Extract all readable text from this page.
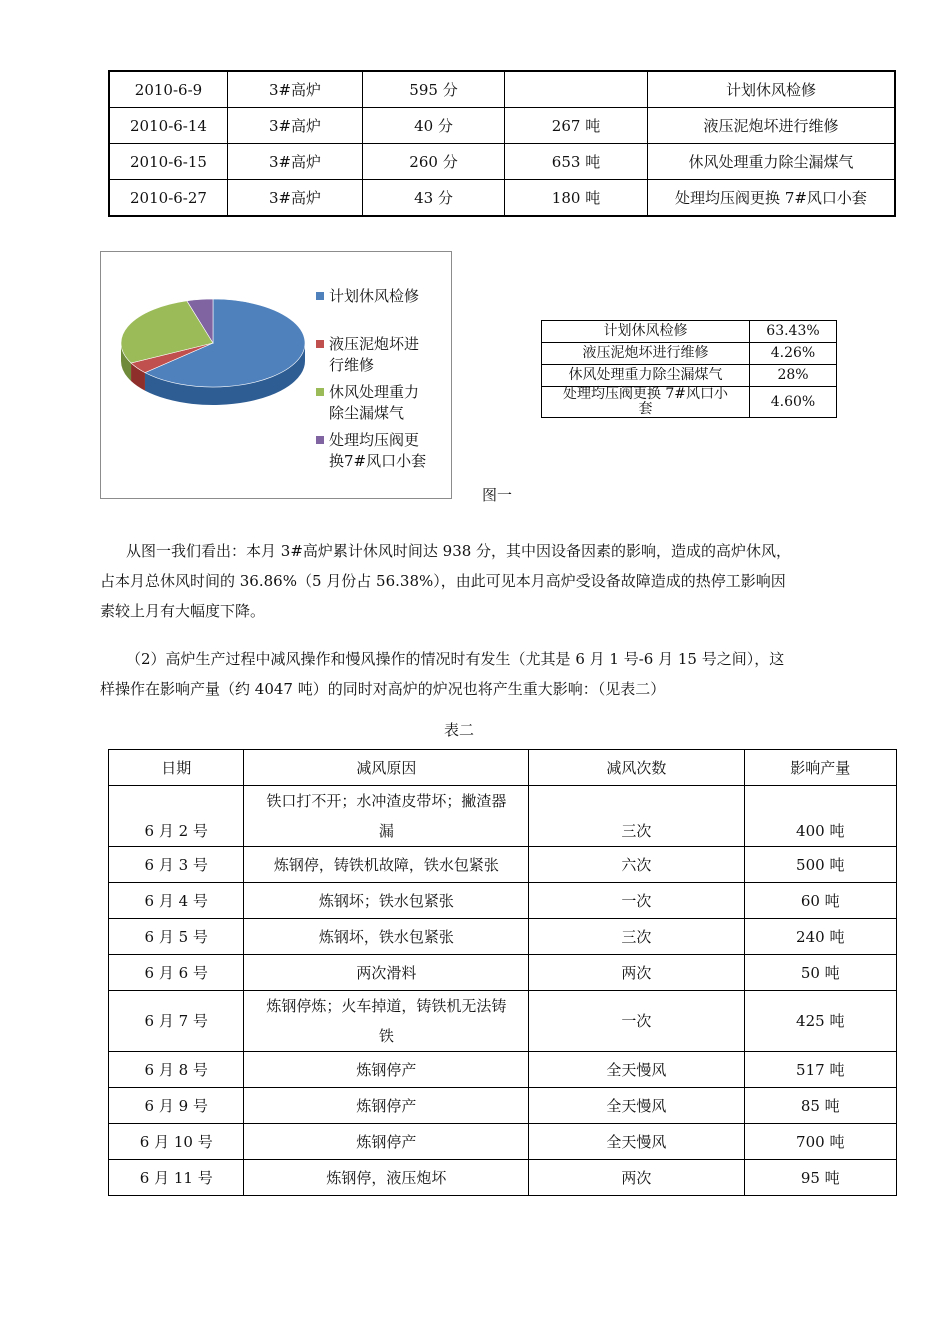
2010-6-9	3#高炉	595 分		计划休风检修
2010-6-14	3#高炉	40 分	267 吨	液压泥炮坏进行维修
2010-6-15	3#高炉	260 分	653 吨	休风处理重力除尘漏煤气
2010-6-27	3#高炉	43 分	180 吨	处理均压阀更换 7#风口小套
计划休风检修
液压泥炮坏进
行维修
休风处理重力
除尘漏煤气
处理均压阀更
换7#风口小套
图一
计划休风检修	63.43%
液压泥炮坏进行维修	4.26%
休风处理重力除尘漏煤气	28%
处理均压阀更换 7#风口小
套	4.60%
从图一我们看出：本月 3#高炉累计休风时间达 938 分，其中因设备因素的影响，造成的高炉休风，
占本月总休风时间的 36.86%（5 月份占 56.38%），由此可见本月高炉受设备故障造成的热停工影响因
素较上月有大幅度下降。
（2）高炉生产过程中减风操作和慢风操作的情况时有发生（尤其是 6 月 1 号-6 月 15 号之间），这
样操作在影响产量（约 4047 吨）的同时对高炉的炉况也将产生重大影响：（见表二）
表二
日期	减风原因	减风次数	影响产量
6 月 2 号	铁口打不开；水冲渣皮带坏；撇渣器
漏	三次	400 吨
6 月 3 号	炼钢停，铸铁机故障，铁水包紧张	六次	500 吨
6 月 4 号	炼钢坏；铁水包紧张	一次	60 吨
6 月 5 号	炼钢坏，铁水包紧张	三次	240 吨
6 月 6 号	两次滑料	两次	50 吨
6 月 7 号	炼钢停炼；火车掉道，铸铁机无法铸
铁	一次	425 吨
6 月 8 号	炼钢停产	全天慢风	517 吨
6 月 9 号	炼钢停产	全天慢风	85 吨
6 月 10 号	炼钢停产	全天慢风	700 吨
6 月 11 号	炼钢停，液压炮坏	两次	95 吨
